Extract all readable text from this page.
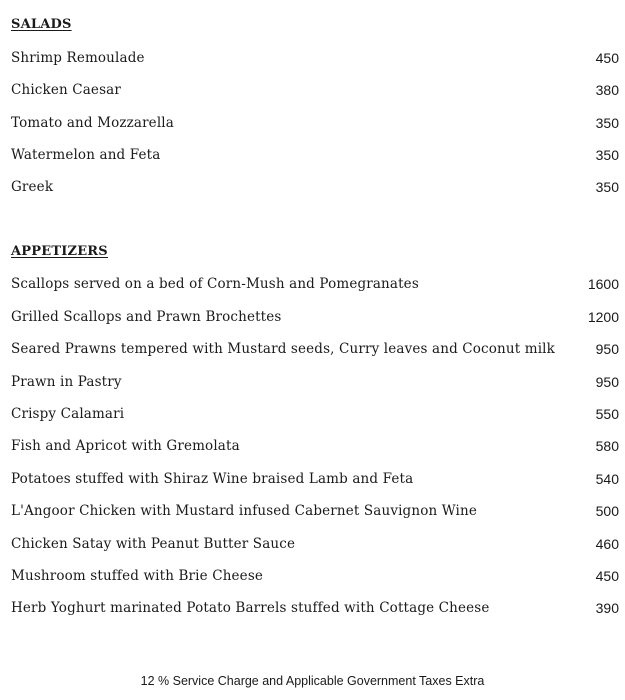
SALADS
Shrimp Remoulade	450
Chicken Caesar	380
Tomato and Mozzarella	350
Watermelon and Feta	350
Greek	350
APPETIZERS
Scallops served on a bed of Corn-Mush and Pomegranates	1600
Grilled Scallops and Prawn Brochettes	1200
Seared Prawns tempered with Mustard seeds, Curry leaves and Coconut milk	950
Prawn in Pastry	950
Crispy Calamari	550
Fish and Apricot with Gremolata	580
Potatoes stuffed with Shiraz Wine braised Lamb and Feta	540
L'Angoor Chicken with Mustard infused Cabernet Sauvignon Wine	500
Chicken Satay with Peanut Butter Sauce	460
Mushroom stuffed with Brie Cheese	450
Herb Yoghurt marinated Potato Barrels stuffed with Cottage Cheese	390
12 % Service Charge and Applicable Government Taxes Extra
